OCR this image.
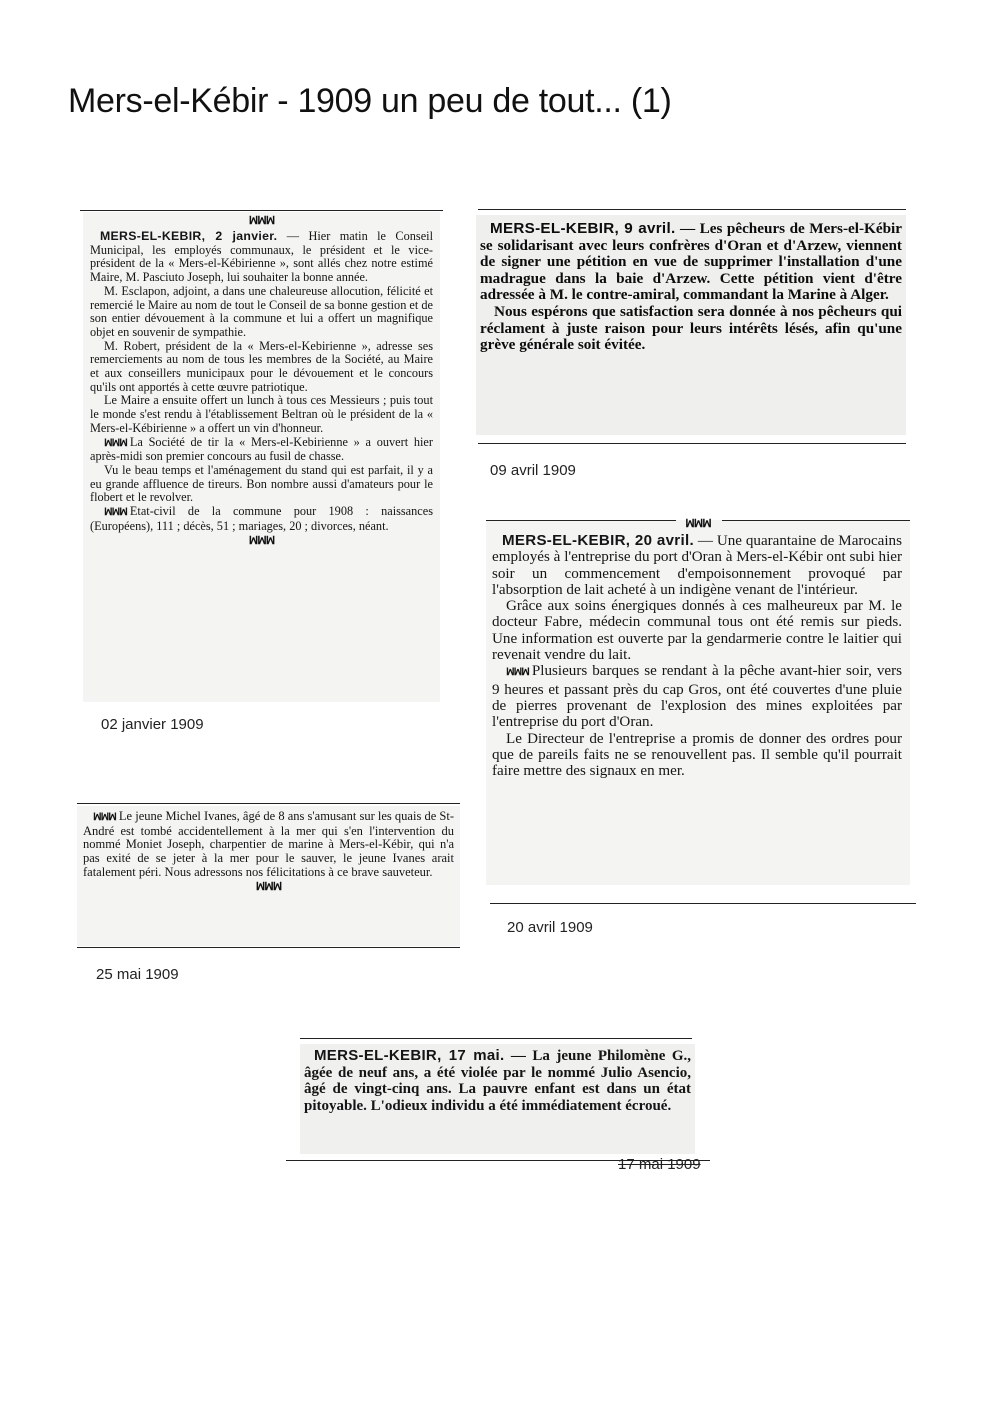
Mers-el-Kébir - 1909 un peu de tout... (1)
ꟽꟽꟽ

MERS-EL-KEBIR, 2 janvier. — Hier matin le Conseil Municipal, les employés communaux, le président et le vice-président de la « Mers-el-Kébirienne », sont allés chez notre estimé Maire, M. Pasciuto Joseph, lui souhaiter la bonne année.

M. Esclapon, adjoint, a dans une chaleureuse allocution, félicité et remercié le Maire au nom de tout le Conseil de sa bonne gestion et de son entier dévouement à la commune et lui a offert un magnifique objet en souvenir de sympathie.

M. Robert, président de la « Mers-el-Kebirienne », adresse ses remerciements au nom de tous les membres de la Société, au Maire et aux conseillers municipaux pour le dévouement et le concours qu'ils ont apportés à cette œuvre patriotique.

Le Maire a ensuite offert un lunch à tous ces Messieurs ; puis tout le monde s'est rendu à l'établissement Beltran où le président de la « Mers-el-Kébirienne » a offert un vin d'honneur.

ꟽꟽꟽ La Société de tir la « Mers-el-Kebirienne » a ouvert hier après-midi son premier concours au fusil de chasse.

Vu le beau temps et l'aménagement du stand qui est parfait, il y a eu grande affluence de tireurs. Bon nombre aussi d'amateurs pour le flobert et le revolver.

ꟽꟽꟽ Etat-civil de la commune pour 1908 : naissances (Européens), 111 ; décès, 51 ; mariages, 20 ; divorces, néant.

ꟽꟽꟽ
02 janvier 1909

MERS-EL-KEBIR, 9 avril. — Les pêcheurs de Mers-el-Kébir se solidarisant avec leurs confrères d'Oran et d'Arzew, viennent de signer une pétition en vue de supprimer l'installation d'une madrague dans la baie d'Arzew. Cette pétition vient d'être adressée à M. le contre-amiral, commandant la Marine à Alger.

Nous espérons que satisfaction sera donnée à nos pêcheurs qui réclament à juste raison pour leurs intérêts lésés, afin qu'une grève générale soit évitée.

09 avril 1909
ꟽꟽꟽ

MERS-EL-KEBIR, 20 avril. — Une quarantaine de Marocains employés à l'entreprise du port d'Oran à Mers-el-Kébir ont subi hier soir un commencement d'empoisonnement provoqué par l'absorption de lait acheté à un indigène venant de l'intérieur.

Grâce aux soins énergiques donnés à ces malheureux par M. le docteur Fabre, médecin communal tous ont été remis sur pieds. Une information est ouverte par la gendarmerie contre le laitier qui revenait vendre du lait.

ꟽꟽꟽ Plusieurs barques se rendant à la pêche avant-hier soir, vers 9 heures et passant près du cap Gros, ont été couvertes d'une pluie de pierres provenant de l'explosion des mines exploitées par l'entreprise du port d'Oran.

Le Directeur de l'entreprise a promis de donner des ordres pour que de pareils faits ne se renouvellent pas. Il semble qu'il pourrait faire mettre des signaux en mer.

20 avril 1909

ꟽꟽꟽ Le jeune Michel Ivanes, âgé de 8 ans s'amusant sur les quais de St-André est tombé accidentellement à la mer qui s'en l'intervention du nommé Moniet Joseph, charpentier de marine à Mers-el-Kébir, qui n'a pas exité de se jeter à la mer pour le sauver, le jeune Ivanes arait fatalement péri. Nous adressons nos félicitations à ce brave sauveteur.

ꟽꟽꟽ
25 mai 1909

MERS-EL-KEBIR, 17 mai. — La jeune Philomène G., âgée de neuf ans, a été violée par le nommé Julio Asencio, âgé de vingt-cinq ans. La pauvre enfant est dans un état pitoyable. L'odieux individu a été immédiatement écroué.

17 mai 1909
